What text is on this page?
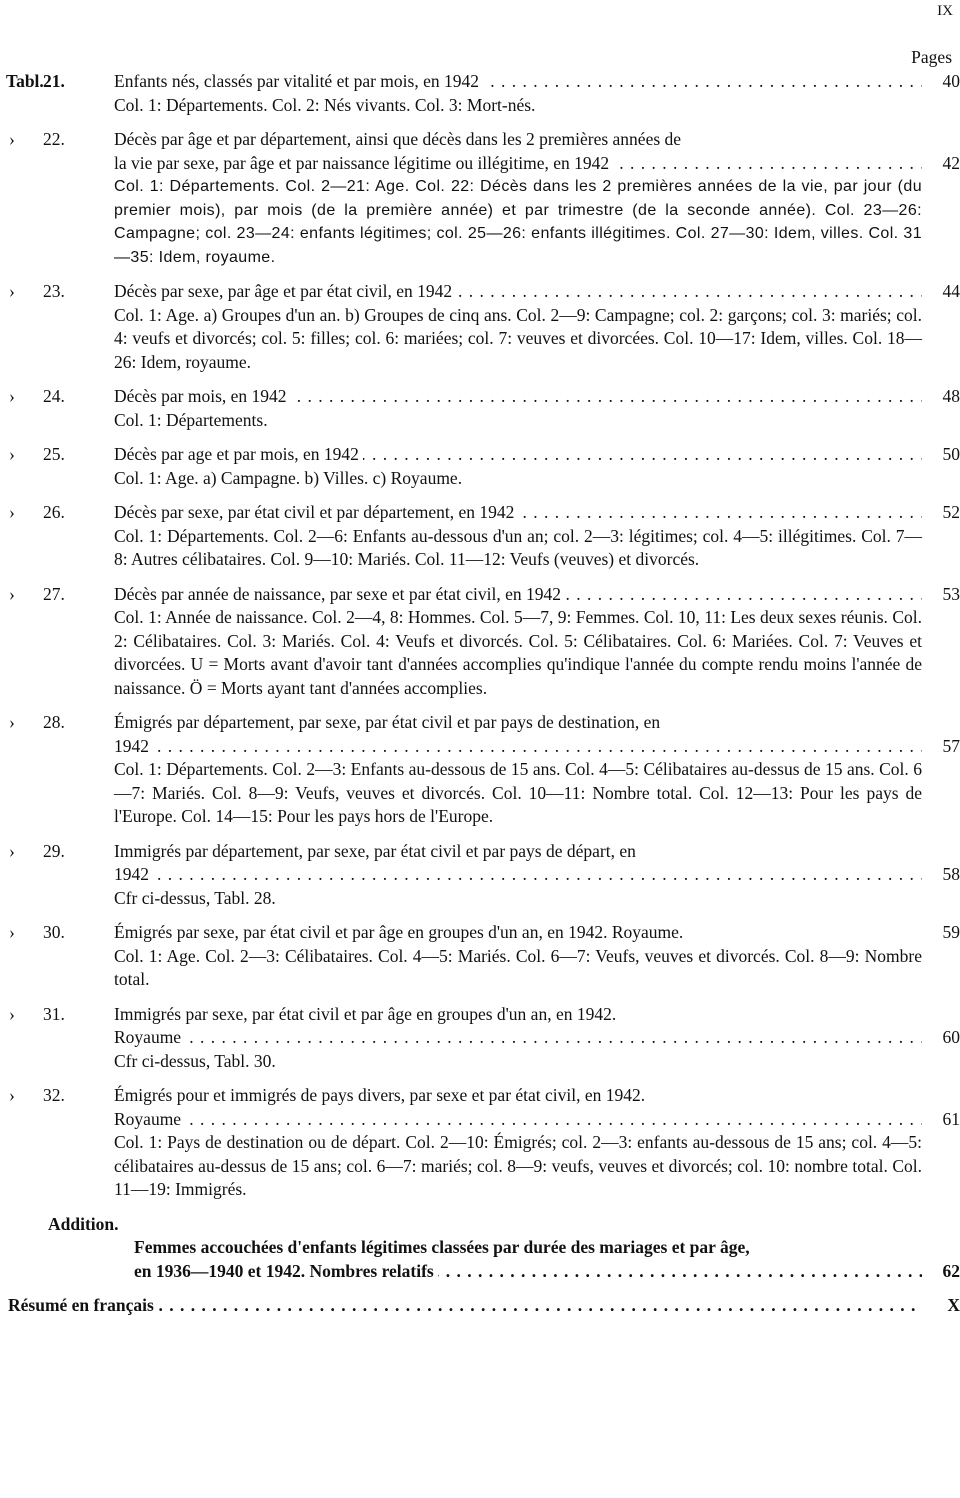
IX
Pages
Tabl.21.	Enfants nés, classés par vitalité et par mois, en 1942 . . .	40
Col. 1: Départements. Col. 2: Nés vivants. Col. 3: Mort-nés.
› 22.	Décès par âge et par département, ainsi que décès dans les 2 premières années de
la vie par sexe, par âge et par naissance légitime ou illégitime, en 1942 . . .	42
Col. 1: Départements. Col. 2—21: Age. Col. 22: Décès dans les 2 premières années de la vie, par jour (du premier mois), par mois (de la première année) et par trimestre (de la seconde année). Col. 23—26: Campagne; col. 23—24: enfants légitimes; col. 25—26: enfants illégitimes. Col. 27—30: Idem, villes. Col. 31—35: Idem, royaume.
› 23.	Décès par sexe, par âge et par état civil, en 1942 . . .	44
Col. 1: Age. a) Groupes d'un an. b) Groupes de cinq ans. Col. 2—9: Campagne; col. 2: garçons; col. 3: mariés; col. 4: veufs et divorcés; col. 5: filles; col. 6: mariées; col. 7: veuves et divorcées. Col. 10—17: Idem, villes. Col. 18—26: Idem, royaume.
› 24.	Décès par mois, en 1942 . . .	48
Col. 1: Départements.
› 25.	Décès par age et par mois, en 1942 . . .	50
Col. 1: Age. a) Campagne. b) Villes. c) Royaume.
› 26.	Décès par sexe, par état civil et par département, en 1942 . . .	52
Col. 1: Départements. Col. 2—6: Enfants au-dessous d'un an; col. 2—3: légitimes; col. 4—5: illégitimes. Col. 7—8: Autres célibataires. Col. 9—10: Mariés. Col. 11—12: Veufs (veuves) et divorcés.
› 27.	Décès par année de naissance, par sexe et par état civil, en 1942 . . .	53
Col. 1: Année de naissance. Col. 2—4, 8: Hommes. Col. 5—7, 9: Femmes. Col. 10, 11: Les deux sexes réunis. Col. 2: Célibataires. Col. 3: Mariés. Col. 4: Veufs et divorcés. Col. 5: Célibataires. Col. 6: Mariées. Col. 7: Veuves et divorcées. U = Morts avant d'avoir tant d'années accomplies qu'indique l'année du compte rendu moins l'année de naissance. Ö = Morts ayant tant d'années accomplies.
› 28.	Émigrés par département, par sexe, par état civil et par pays de destination, en
1942 . . .	57
Col. 1: Départements. Col. 2—3: Enfants au-dessous de 15 ans. Col. 4—5: Célibataires au-dessus de 15 ans. Col. 6—7: Mariés. Col. 8—9: Veufs, veuves et divorcés. Col. 10—11: Nombre total. Col. 12—13: Pour les pays de l'Europe. Col. 14—15: Pour les pays hors de l'Europe.
› 29.	Immigrés par département, par sexe, par état civil et par pays de départ, en
1942 . . .	58
Cfr ci-dessus, Tabl. 28.
› 30.	Émigrés par sexe, par état civil et par âge en groupes d'un an, en 1942. Royaume.	59
Col. 1: Age. Col. 2—3: Célibataires. Col. 4—5: Mariés. Col. 6—7: Veufs, veuves et divorcés. Col. 8—9: Nombre total.
› 31.	Immigrés par sexe, par état civil et par âge en groupes d'un an, en 1942.
Royaume . . .	60
Cfr ci-dessus, Tabl. 30.
› 32.	Émigrés pour et immigrés de pays divers, par sexe et par état civil, en 1942.
Royaume . . .	61
Col. 1: Pays de destination ou de départ. Col. 2—10: Émigrés; col. 2—3: enfants au-dessous de 15 ans; col. 4—5: célibataires au-dessus de 15 ans; col. 6—7: mariés; col. 8—9: veufs, veuves et divorcés; col. 10: nombre total. Col. 11—19: Immigrés.
Addition.
Femmes accouchées d'enfants légitimes classées par durée des mariages et par âge,
en 1936—1940 et 1942. Nombres relatifs . . .	62
Résumé en français . . .	X
